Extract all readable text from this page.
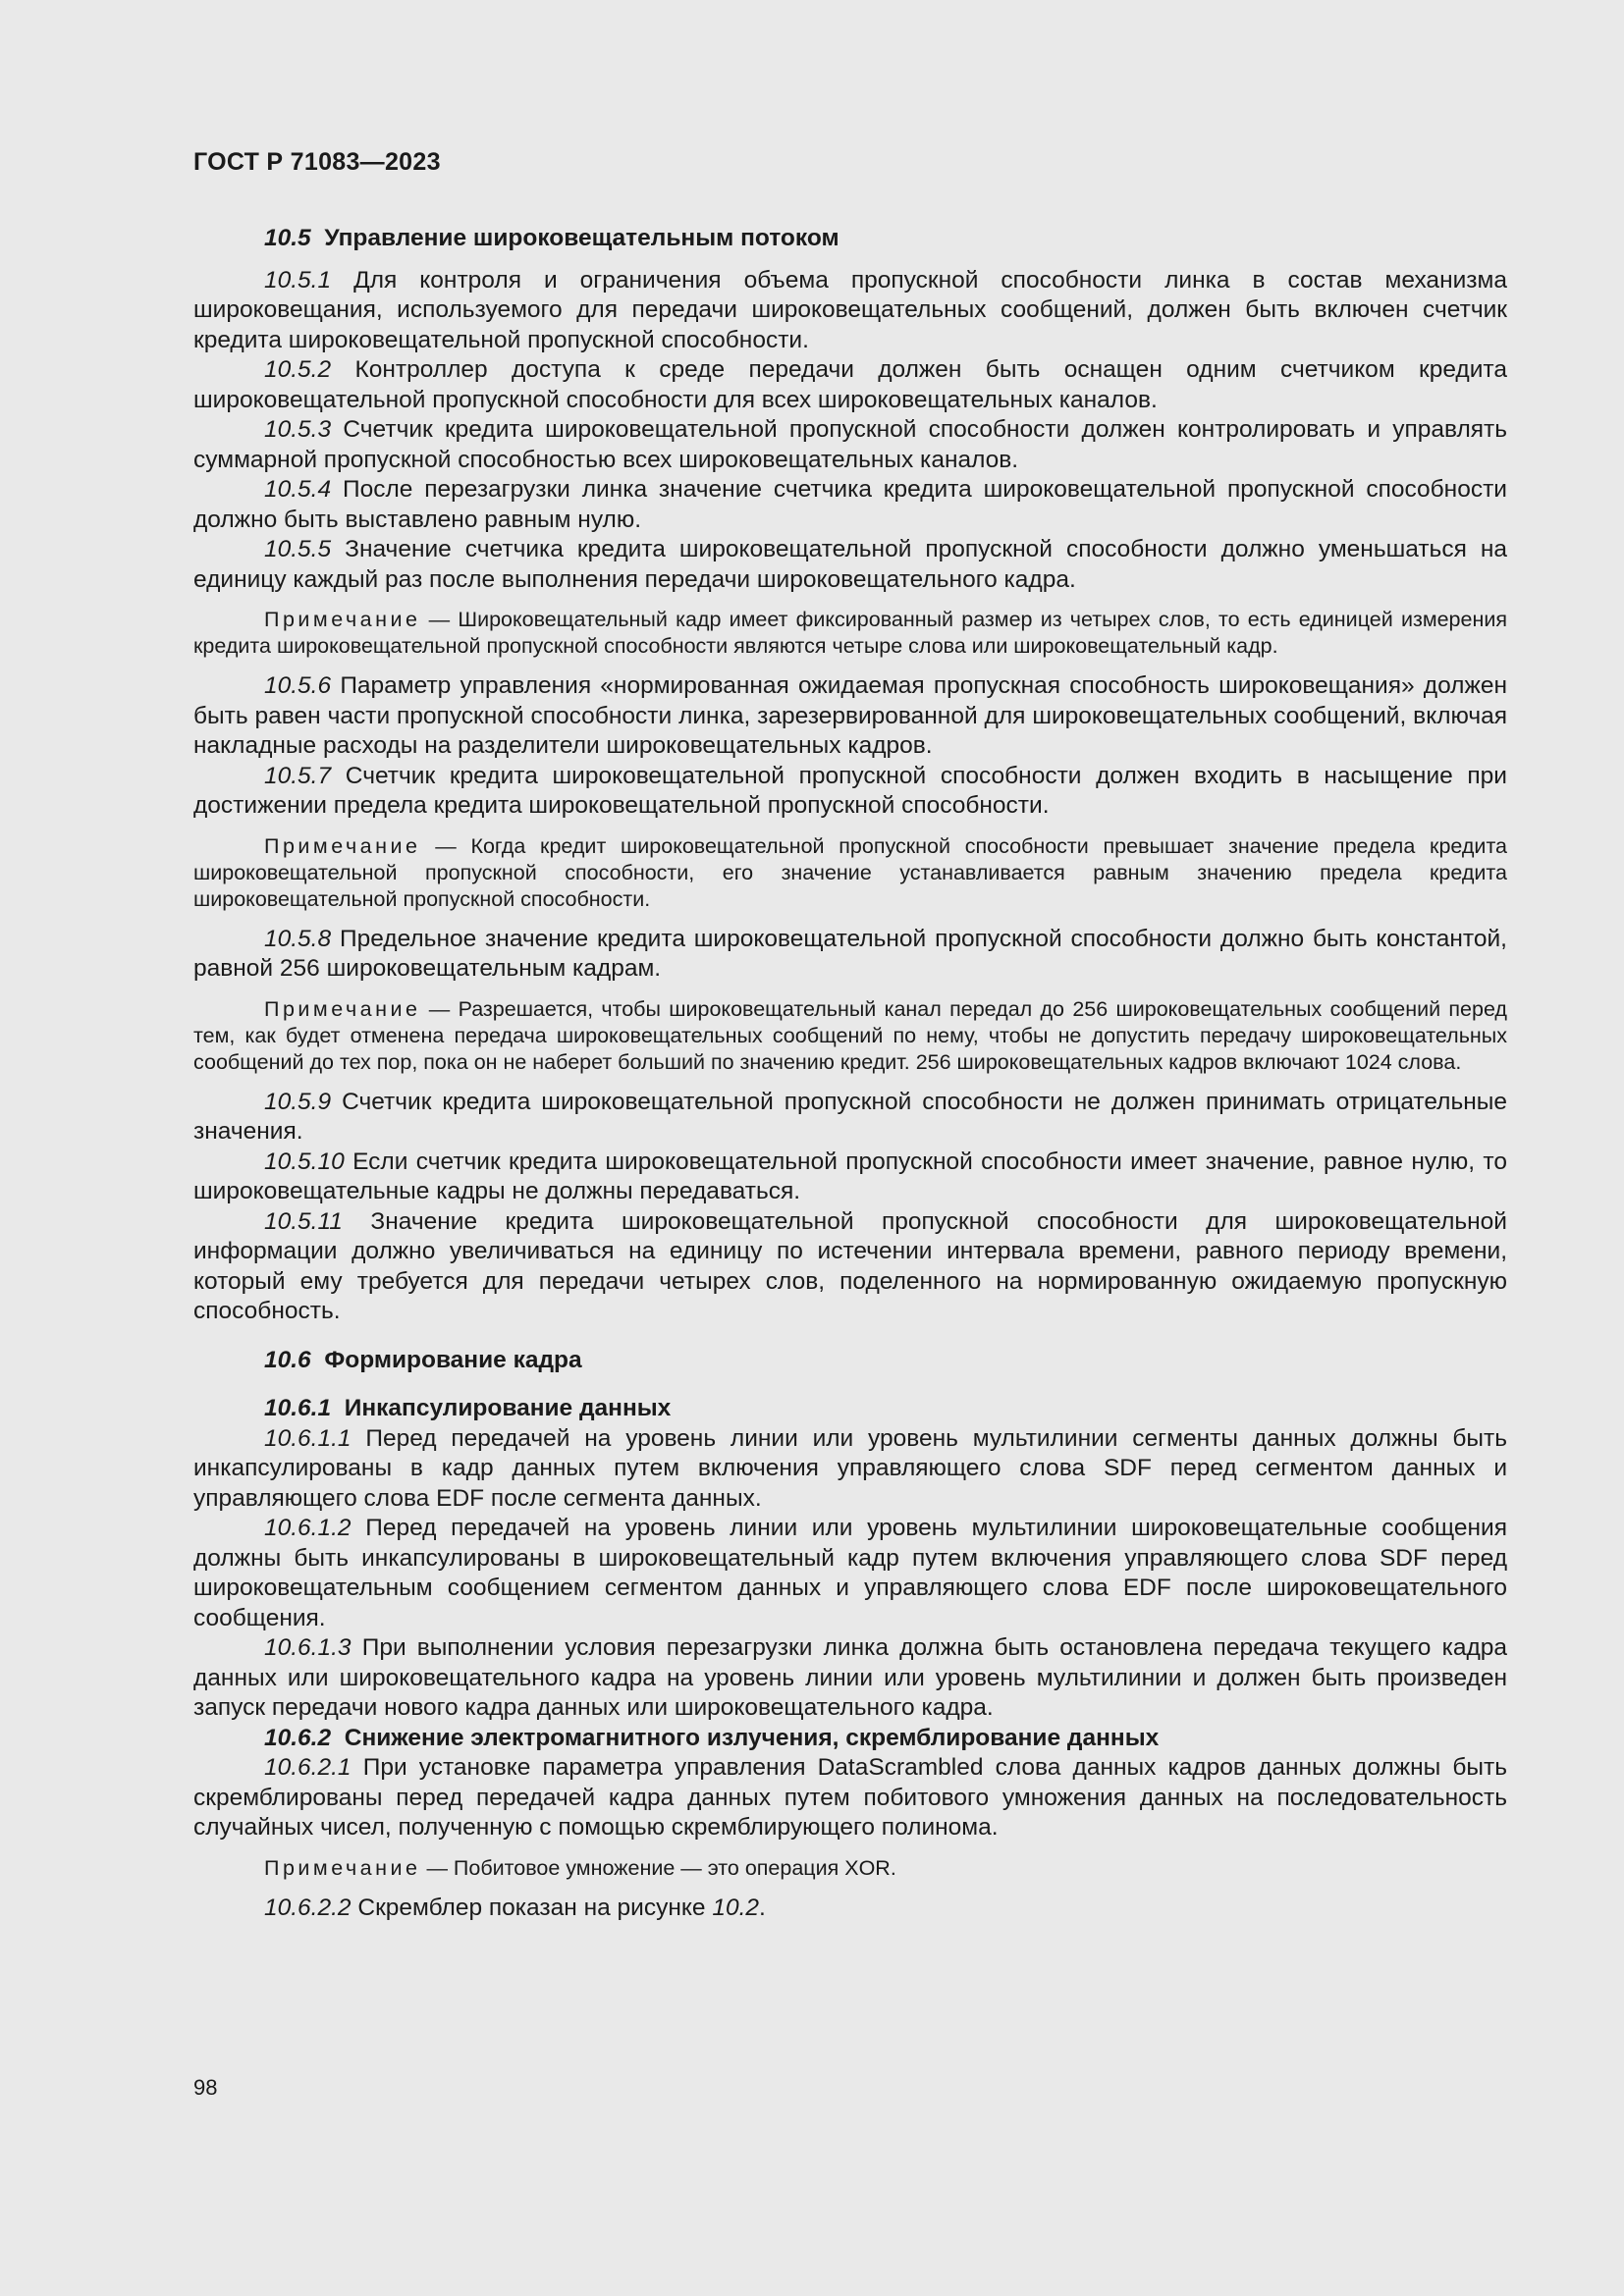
ГОСТ Р 71083—2023
10.5 Управление широковещательным потоком

10.5.1 Для контроля и ограничения объема пропускной способности линка в состав механизма широковещания, используемого для передачи широковещательных сообщений, должен быть включен счетчик кредита широковещательной пропускной способности.

10.5.2 Контроллер доступа к среде передачи должен быть оснащен одним счетчиком кредита широковещательной пропускной способности для всех широковещательных каналов.

10.5.3 Счетчик кредита широковещательной пропускной способности должен контролировать и управлять суммарной пропускной способностью всех широковещательных каналов.

10.5.4 После перезагрузки линка значение счетчика кредита широковещательной пропускной способности должно быть выставлено равным нулю.

10.5.5 Значение счетчика кредита широковещательной пропускной способности должно уменьшаться на единицу каждый раз после выполнения передачи широковещательного кадра.

Примечание — Широковещательный кадр имеет фиксированный размер из четырех слов, то есть единицей измерения кредита широковещательной пропускной способности являются четыре слова или широковещательный кадр.

10.5.6 Параметр управления «нормированная ожидаемая пропускная способность широковещания» должен быть равен части пропускной способности линка, зарезервированной для широковещательных сообщений, включая накладные расходы на разделители широковещательных кадров.

10.5.7 Счетчик кредита широковещательной пропускной способности должен входить в насыщение при достижении предела кредита широковещательной пропускной способности.

Примечание — Когда кредит широковещательной пропускной способности превышает значение предела кредита широковещательной пропускной способности, его значение устанавливается равным значению предела кредита широковещательной пропускной способности.

10.5.8 Предельное значение кредита широковещательной пропускной способности должно быть константой, равной 256 широковещательным кадрам.

Примечание — Разрешается, чтобы широковещательный канал передал до 256 широковещательных сообщений перед тем, как будет отменена передача широковещательных сообщений по нему, чтобы не допустить передачу широковещательных сообщений до тех пор, пока он не наберет больший по значению кредит. 256 широковещательных кадров включают 1024 слова.

10.5.9 Счетчик кредита широковещательной пропускной способности не должен принимать отрицательные значения.

10.5.10 Если счетчик кредита широковещательной пропускной способности имеет значение, равное нулю, то широковещательные кадры не должны передаваться.

10.5.11 Значение кредита широковещательной пропускной способности для широковещательной информации должно увеличиваться на единицу по истечении интервала времени, равного периоду времени, который ему требуется для передачи четырех слов, поделенного на нормированную ожидаемую пропускную способность.

10.6 Формирование кадра
10.6.1 Инкапсулирование данных

10.6.1.1 Перед передачей на уровень линии или уровень мультилинии сегменты данных должны быть инкапсулированы в кадр данных путем включения управляющего слова SDF перед сегментом данных и управляющего слова EDF после сегмента данных.

10.6.1.2 Перед передачей на уровень линии или уровень мультилинии широковещательные сообщения должны быть инкапсулированы в широковещательный кадр путем включения управляющего слова SDF перед широковещательным сообщением сегментом данных и управляющего слова EDF после широковещательного сообщения.

10.6.1.3 При выполнении условия перезагрузки линка должна быть остановлена передача текущего кадра данных или широковещательного кадра на уровень линии или уровень мультилинии и должен быть произведен запуск передачи нового кадра данных или широковещательного кадра.

10.6.2 Снижение электромагнитного излучения, скремблирование данных

10.6.2.1 При установке параметра управления DataScrambled слова данных кадров данных должны быть скремблированы перед передачей кадра данных путем побитового умножения данных на последовательность случайных чисел, полученную с помощью скремблирующего полинома.

Примечание — Побитовое умножение — это операция XOR.

10.6.2.2 Скремблер показан на рисунке 10.2.

98
